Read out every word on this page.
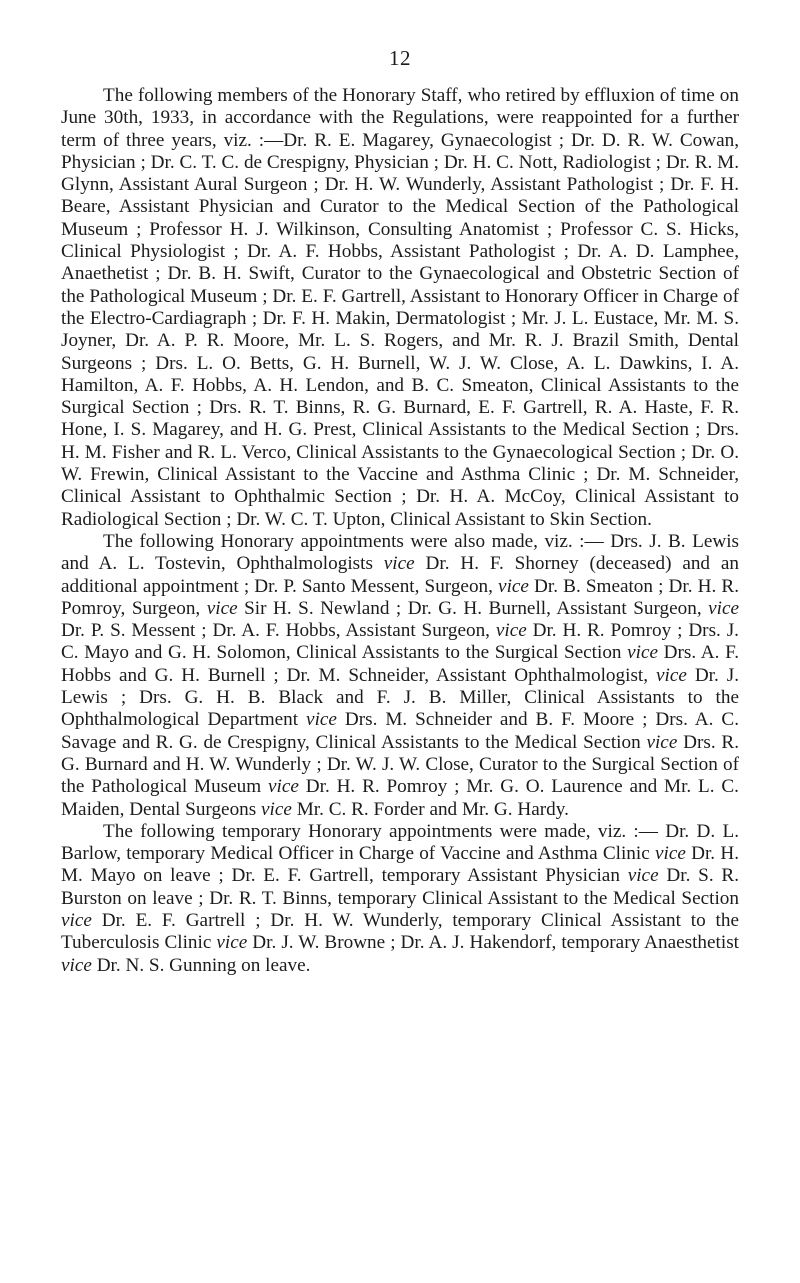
12

The following members of the Honorary Staff, who retired by effluxion of time on June 30th, 1933, in accordance with the Regulations, were reappointed for a further term of three years, viz. :—Dr. R. E. Magarey, Gynaecologist ; Dr. D. R. W. Cowan, Physician ; Dr. C. T. C. de Crespigny, Physician ; Dr. H. C. Nott, Radiologist ; Dr. R. M. Glynn, Assistant Aural Surgeon ; Dr. H. W. Wunderly, Assistant Pathologist ; Dr. F. H. Beare, Assistant Physician and Curator to the Medical Section of the Pathological Museum ; Professor H. J. Wilkinson, Consulting Anatomist ; Professor C. S. Hicks, Clinical Physiologist ; Dr. A. F. Hobbs, Assistant Pathologist ; Dr. A. D. Lamphee, Anaethetist ; Dr. B. H. Swift, Curator to the Gynaecological and Obstetric Section of the Pathological Museum ; Dr. E. F. Gartrell, Assistant to Honorary Officer in Charge of the Electro-Cardiagraph ; Dr. F. H. Makin, Dermatologist ; Mr. J. L. Eustace, Mr. M. S. Joyner, Dr. A. P. R. Moore, Mr. L. S. Rogers, and Mr. R. J. Brazil Smith, Dental Surgeons ; Drs. L. O. Betts, G. H. Burnell, W. J. W. Close, A. L. Dawkins, I. A. Hamilton, A. F. Hobbs, A. H. Lendon, and B. C. Smeaton, Clinical Assistants to the Surgical Section ; Drs. R. T. Binns, R. G. Burnard, E. F. Gartrell, R. A. Haste, F. R. Hone, I. S. Magarey, and H. G. Prest, Clinical Assistants to the Medical Section ; Drs. H. M. Fisher and R. L. Verco, Clinical Assistants to the Gynaecological Section ; Dr. O. W. Frewin, Clinical Assistant to the Vaccine and Asthma Clinic ; Dr. M. Schneider, Clinical Assistant to Ophthalmic Section ; Dr. H. A. McCoy, Clinical Assistant to Radiological Section ; Dr. W. C. T. Upton, Clinical Assistant to Skin Section.

The following Honorary appointments were also made, viz. :— Drs. J. B. Lewis and A. L. Tostevin, Ophthalmologists vice Dr. H. F. Shorney (deceased) and an additional appointment ; Dr. P. Santo Messent, Surgeon, vice Dr. B. Smeaton ; Dr. H. R. Pomroy, Surgeon, vice Sir H. S. Newland ; Dr. G. H. Burnell, Assistant Surgeon, vice Dr. P. S. Messent ; Dr. A. F. Hobbs, Assistant Surgeon, vice Dr. H. R. Pomroy ; Drs. J. C. Mayo and G. H. Solomon, Clinical Assistants to the Surgical Section vice Drs. A. F. Hobbs and G. H. Burnell ; Dr. M. Schneider, Assistant Ophthalmologist, vice Dr. J. Lewis ; Drs. G. H. B. Black and F. J. B. Miller, Clinical Assistants to the Ophthalmological Department vice Drs. M. Schneider and B. F. Moore ; Drs. A. C. Savage and R. G. de Crespigny, Clinical Assistants to the Medical Section vice Drs. R. G. Burnard and H. W. Wunderly ; Dr. W. J. W. Close, Curator to the Surgical Section of the Pathological Museum vice Dr. H. R. Pomroy ; Mr. G. O. Laurence and Mr. L. C. Maiden, Dental Surgeons vice Mr. C. R. Forder and Mr. G. Hardy.

The following temporary Honorary appointments were made, viz. :— Dr. D. L. Barlow, temporary Medical Officer in Charge of Vaccine and Asthma Clinic vice Dr. H. M. Mayo on leave ; Dr. E. F. Gartrell, temporary Assistant Physician vice Dr. S. R. Burston on leave ; Dr. R. T. Binns, temporary Clinical Assistant to the Medical Section vice Dr. E. F. Gartrell ; Dr. H. W. Wunderly, temporary Clinical Assistant to the Tuberculosis Clinic vice Dr. J. W. Browne ; Dr. A. J. Hakendorf, temporary Anaesthetist vice Dr. N. S. Gunning on leave.
